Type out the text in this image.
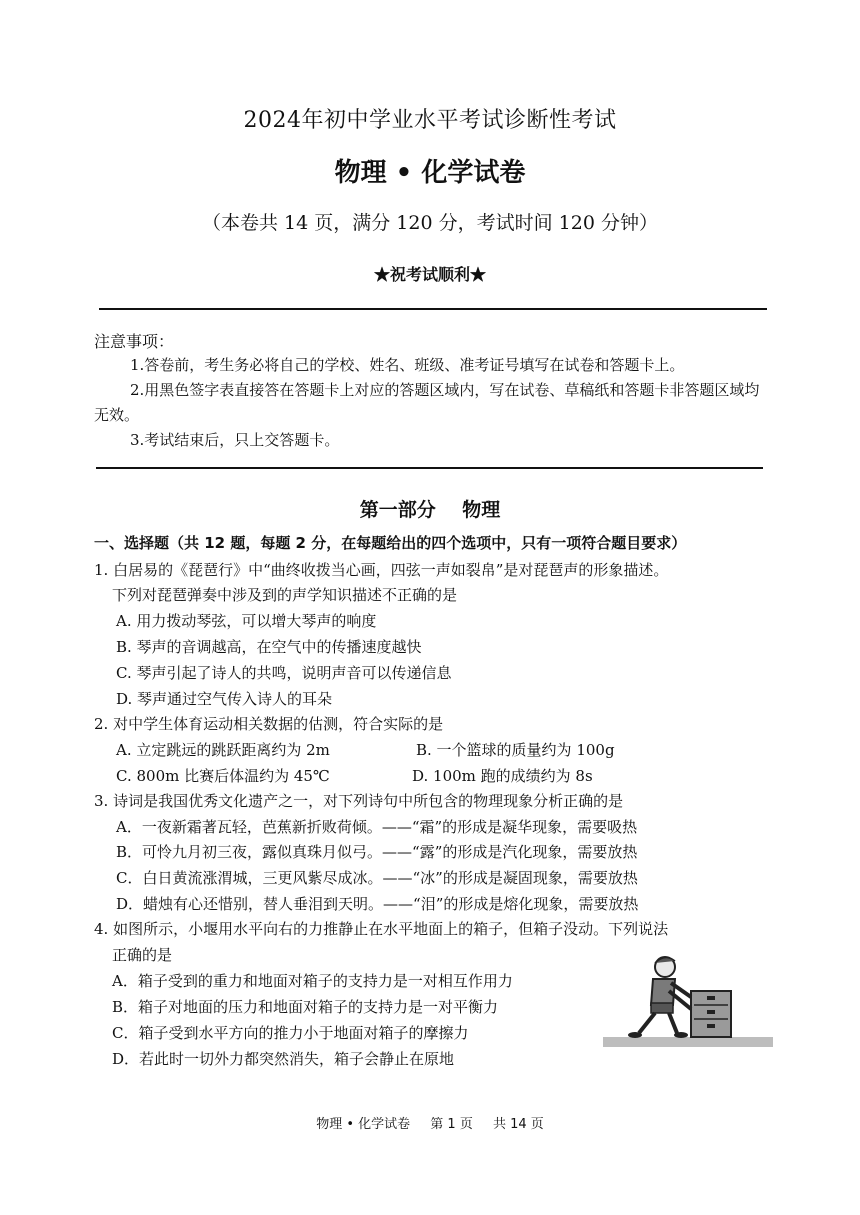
2024年初中学业水平考试诊断性考试
物理 • 化学试卷
（本卷共 14 页，满分 120 分，考试时间 120 分钟）
★祝考试顺利★
注意事项：
1.答卷前，考生务必将自己的学校、姓名、班级、准考证号填写在试卷和答题卡上。
2.用黑色签字表直接答在答题卡上对应的答题区域内，写在试卷、草稿纸和答题卡非答题区域均无效。
3.考试结束后，只上交答题卡。
第一部分 物理
一、选择题（共 12 题，每题 2 分，在每题给出的四个选项中，只有一项符合题目要求）
1. 白居易的《琵琶行》中“曲终收拨当心画，四弦一声如裂帛”是对琵琶声的形象描述。
下列对琵琶弹奏中涉及到的声学知识描述不正确的是
A. 用力拨动琴弦，可以增大琴声的响度
B. 琴声的音调越高，在空气中的传播速度越快
C. 琴声引起了诗人的共鸣，说明声音可以传递信息
D. 琴声通过空气传入诗人的耳朵
2. 对中学生体育运动相关数据的估测，符合实际的是
A. 立定跳远的跳跃距离约为 2m	B. 一个篮球的质量约为 100g
C. 800m 比赛后体温约为 45℃	D. 100m 跑的成绩约为 8s
3. 诗词是我国优秀文化遗产之一，对下列诗句中所包含的物理现象分析正确的是
A．一夜新霜著瓦轻，芭蕉新折败荷倾。——“霜”的形成是凝华现象，需要吸热
B．可怜九月初三夜，露似真珠月似弓。——“露”的形成是汽化现象，需要放热
C．白日黄流涨渭城，三更风紫尽成冰。——“冰”的形成是凝固现象，需要放热
D．蜡烛有心还惜别，替人垂泪到天明。——“泪”的形成是熔化现象，需要放热
4. 如图所示，小堰用水平向右的力推静止在水平地面上的箱子，但箱子没动。下列说法
正确的是
A．箱子受到的重力和地面对箱子的支持力是一对相互作用力
B．箱子对地面的压力和地面对箱子的支持力是一对平衡力
C．箱子受到水平方向的推力小于地面对箱子的摩擦力
D．若此时一切外力都突然消失，箱子会静止在原地
物理 • 化学试卷 第 1 页 共 14 页
